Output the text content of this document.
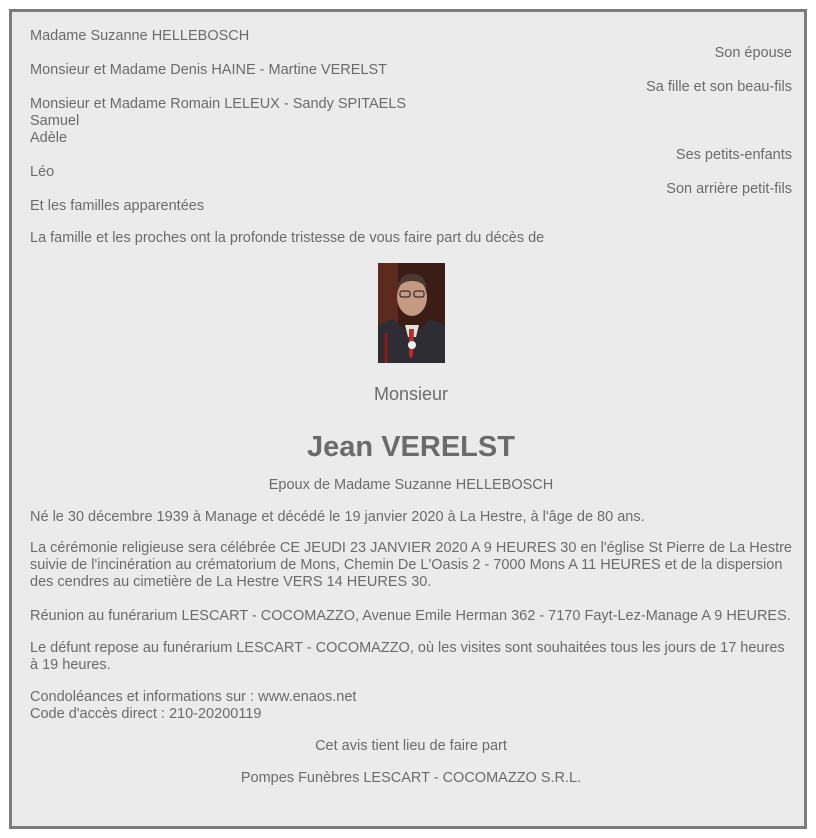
Madame Suzanne HELLEBOSCH
Son épouse
Monsieur et Madame Denis HAINE - Martine VERELST
Sa fille et son beau-fils
Monsieur et Madame Romain LELEUX - Sandy SPITAELS
Samuel
Adèle
Ses petits-enfants
Léo
Son arrière petit-fils
Et les familles apparentées
La famille et les proches ont la profonde tristesse de vous faire part du décès de
Monsieur
Jean VERELST
Epoux de Madame Suzanne HELLEBOSCH
Né le 30 décembre 1939 à Manage et décédé le 19 janvier 2020 à La Hestre, à l'âge de 80 ans.
La cérémonie religieuse sera célébrée CE JEUDI 23 JANVIER 2020 A 9 HEURES 30 en l'église St Pierre de La Hestre suivie de l'incinération au crématorium de Mons, Chemin De L'Oasis 2 - 7000 Mons A 11 HEURES et de la dispersion des cendres au cimetière de La Hestre VERS 14 HEURES 30.
Réunion au funérarium LESCART - COCOMAZZO, Avenue Emile Herman 362 - 7170 Fayt-Lez-Manage A 9 HEURES.
Le défunt repose au funérarium LESCART - COCOMAZZO, où les visites sont souhaitées tous les jours de 17 heures à 19 heures.
Condoléances et informations sur : www.enaos.net
Code d'accès direct : 210-20200119
Cet avis tient lieu de faire part
Pompes Funèbres LESCART - COCOMAZZO S.R.L.
